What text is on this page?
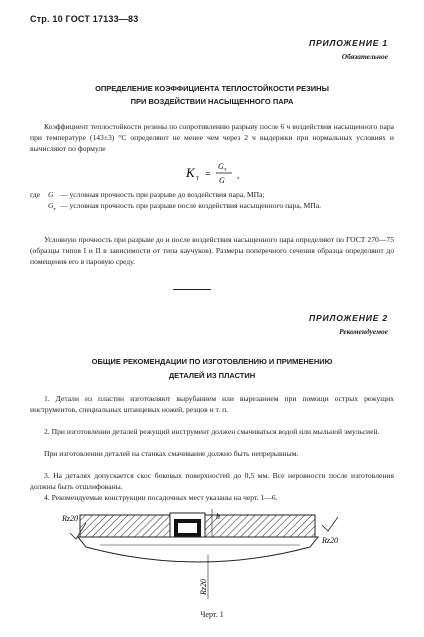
Стр. 10 ГОСТ 17133—83

ПРИЛОЖЕНИЕ 1

Обязательное

ОПРЕДЕЛЕНИЕ КОЭФФИЦИЕНТА ТЕПЛОСТОЙКОСТИ РЕЗИНЫ

ПРИ ВОЗДЕЙСТВИИ НАСЫЩЕННОГО ПАРА

Коэффициент теплостойкости резины по сопротивлению разрыву после 6 ч воздействия насыщенного пара при температуре (143±3) °С определяют не менее чем через 2 ч выдержки при нормальных условиях и вычисляют по формуле

K т =
G т
G
,
где	G	— условная прочность при разрыве до воздействия пара, МПа;
	$G_т$	— условная прочность при разрыве после воздействия насыщенного пара, МПа.

Условную прочность при разрыве до и после воздействия насыщенного пара определяют по ГОСТ 270—75 (образцы типов I и II в зависимости от типа каучуков). Размеры поперечного сечения образца определяют до помещения его в паровую среду.

ПРИЛОЖЕНИЕ 2

Рекомендуемое

ОБЩИЕ РЕКОМЕНДАЦИИ ПО ИЗГОТОВЛЕНИЮ И ПРИМЕНЕНИЮ

ДЕТАЛЕЙ ИЗ ПЛАСТИН

1. Детали из пластин изготовляют вырубанием или вырезанием при помощи острых режущих инструментов, специальных штанцевых ножей, резцов и т. п.

2. При изготовлении деталей режущий инструмент должен смачиваться водой или мыльной эмульсией.

При изготовлении деталей на станках смачивание должно быть непрерывным.

3. На деталях допускается скос боковых поверхностей до 0,5 мм. Все неровности после изготовления должны быть отшлифованы.

4. Рекомендуемые конструкции посадочных мест указаны на черт. 1—6.

h
Rz20
Rz20
Rz20

Черт. 1
